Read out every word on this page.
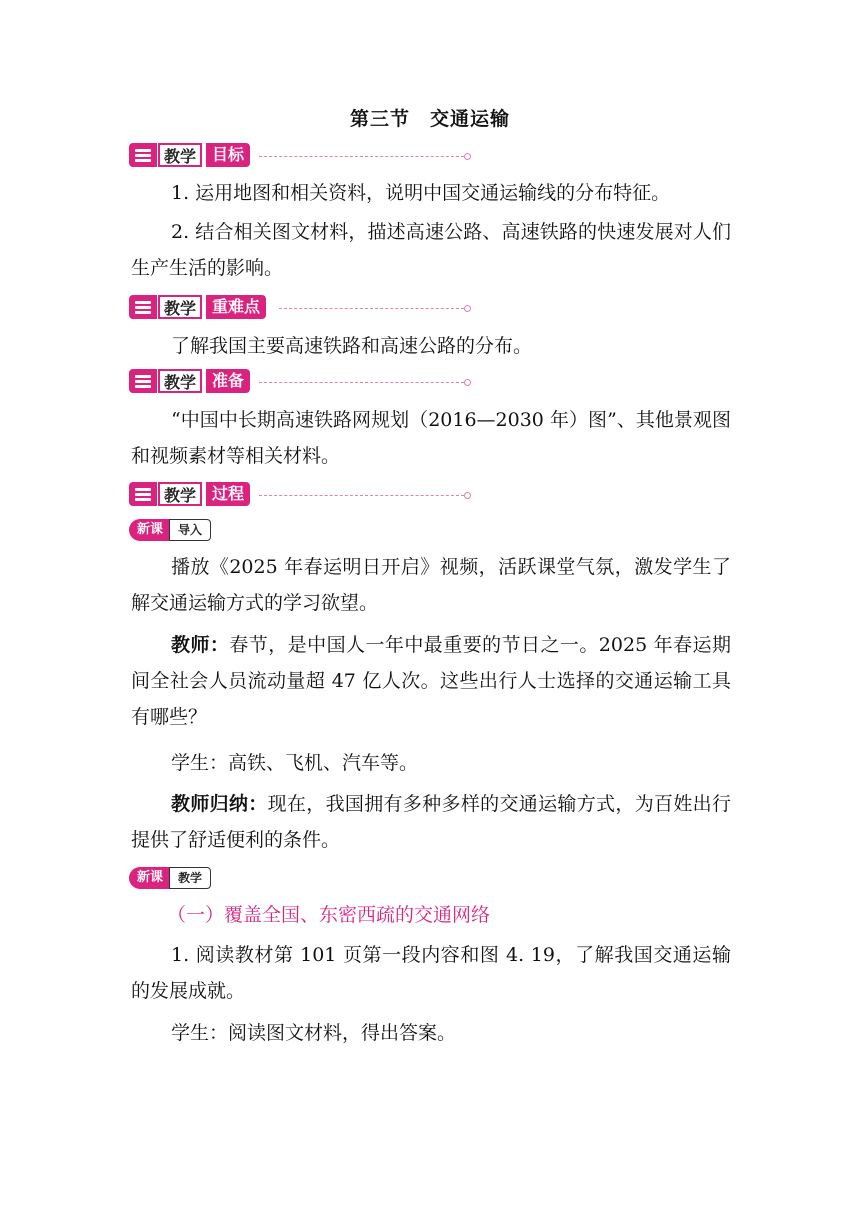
第三节　交通运输
教学 目标
1. 运用地图和相关资料，说明中国交通运输线的分布特征。
2. 结合相关图文材料，描述高速公路、高速铁路的快速发展对人们生产生活的影响。
教学 重难点
了解我国主要高速铁路和高速公路的分布。
教学 准备
“中国中长期高速铁路网规划（2016—2030 年）图”、其他景观图和视频素材等相关材料。
教学 过程
新课	导入
播放《2025 年春运明日开启》视频，活跃课堂气氛，激发学生了解交通运输方式的学习欲望。
教师：春节，是中国人一年中最重要的节日之一。2025 年春运期间全社会人员流动量超 47 亿人次。这些出行人士选择的交通运输工具有哪些？
学生：高铁、飞机、汽车等。
教师归纳：现在，我国拥有多种多样的交通运输方式，为百姓出行提供了舒适便利的条件。
新课	教学
（一）覆盖全国、东密西疏的交通网络
1. 阅读教材第 101 页第一段内容和图 4. 19，了解我国交通运输的发展成就。
学生：阅读图文材料，得出答案。
